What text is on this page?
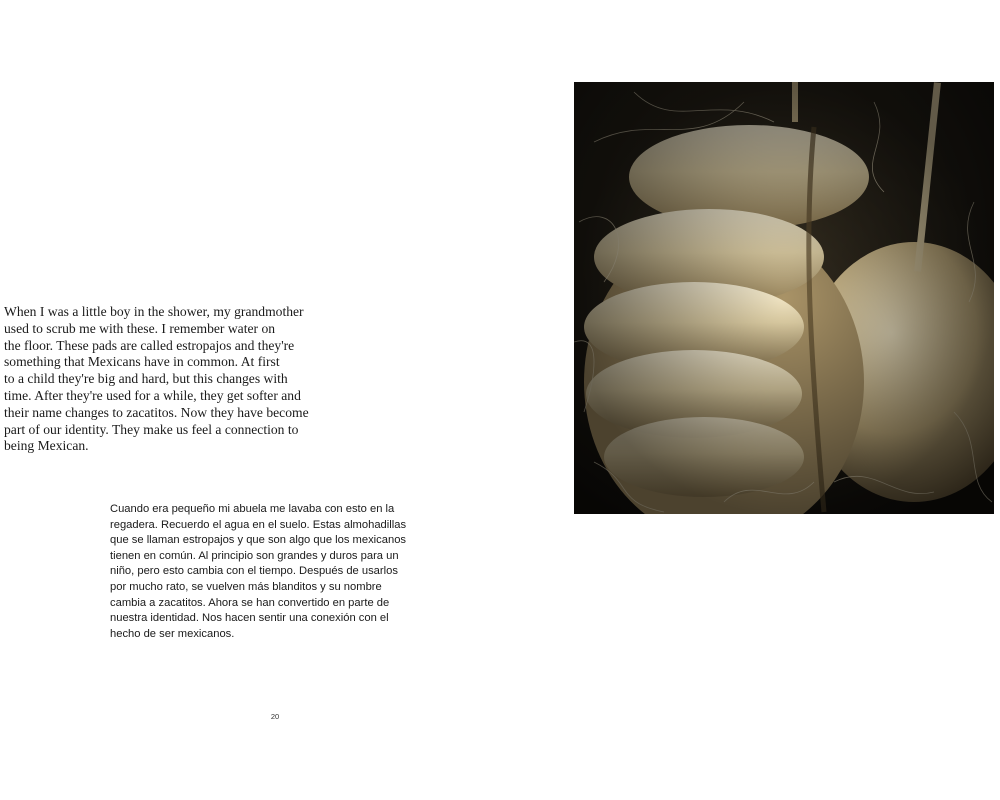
When I was a little boy in the shower, my grandmother
used to scrub me with these. I remember water on
the floor. These pads are called estropajos and they're
something that Mexicans have in common. At first
to a child they're big and hard, but this changes with
time. After they're used for a while, they get softer and
their name changes to zacatitos. Now they have become
part of our identity. They make us feel a connection to
being Mexican.

Cuando era pequeño mi abuela me lavaba con esto en la
regadera. Recuerdo el agua en el suelo. Estas almohadillas
que se llaman estropajos y que son algo que los mexicanos
tienen en común. Al principio son grandes y duros para un
niño, pero esto cambia con el tiempo. Después de usarlos
por mucho rato, se vuelven más blanditos y su nombre
cambia a zacatitos. Ahora se han convertido en parte de
nuestra identidad. Nos hacen sentir una conexión con el
hecho de ser mexicanos.

20
